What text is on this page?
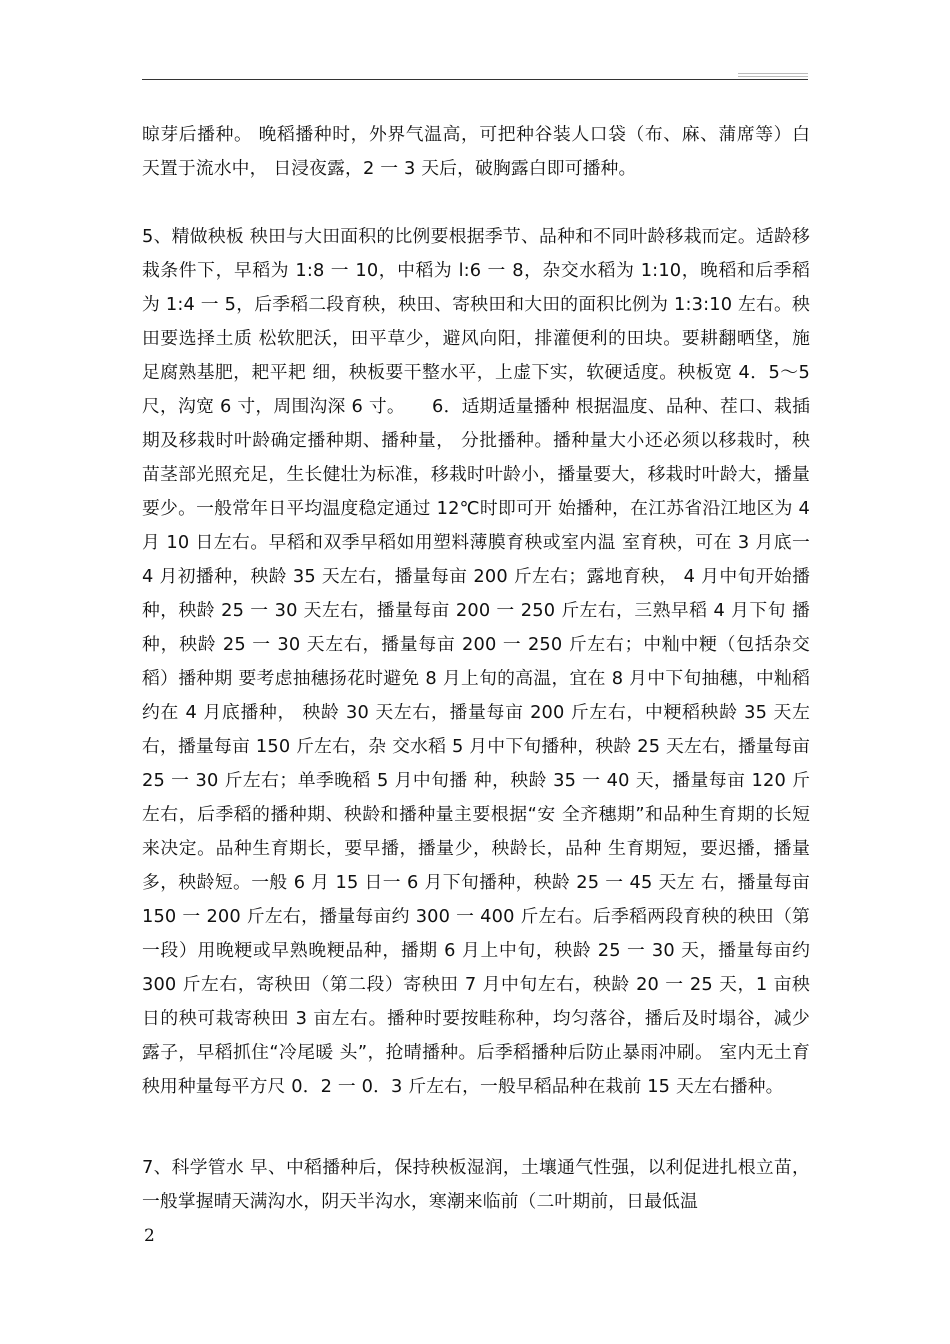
晾芽后播种。 晚稻播种时，外界气温高，可把种谷装人口袋（布、麻、蒲席等）白天置于流水中， 日浸夜露，2 一 3 天后，破胸露白即可播种。

5、精做秧板 秧田与大田面积的比例要根据季节、品种和不同叶龄移栽而定。适龄移 栽条件下，早稻为 1:8 一 10，中稻为 l:6 一 8，杂交水稻为 1:10，晚稻和后季稻为 1:4 一 5，后季稻二段育秧，秧田、寄秧田和大田的面积比例为 1:3:10 左右。秧田要选择土质 松软肥沃，田平草少，避风向阳，排灌便利的田块。要耕翻晒垡，施足腐熟基肥，耙平耙 细，秧板要干整水平，上虚下实，软硬适度。秧板宽 4．5～5 尺，沟宽 6 寸，周围沟深 6 寸。　　6．适期适量播种 根据温度、品种、茬口、栽插期及移栽时叶龄确定播种期、播种量， 分批播种。播种量大小还必须以移栽时，秧苗茎部光照充足，生长健壮为标准，移栽时叶龄小，播量要大，移栽时叶龄大，播量要少。一般常年日平均温度稳定通过 12℃时即可开 始播种，在江苏省沿江地区为 4 月 10 日左右。早稻和双季早稻如用塑料薄膜育秧或室内温 室育秧，可在 3 月底一 4 月初播种，秧龄 35 天左右，播量每亩 200 斤左右；露地育秧， 4 月中旬开始播种，秧龄 25 一 30 天左右，播量每亩 200 一 250 斤左右，三熟早稻 4 月下旬 播种，秧龄 25 一 30 天左右，播量每亩 200 一 250 斤左右；中籼中粳（包括杂交稻）播种期 要考虑抽穗扬花时避免 8 月上旬的高温，宜在 8 月中下旬抽穗，中籼稻约在 4 月底播种， 秧龄 30 天左右，播量每亩 200 斤左右，中粳稻秧龄 35 天左右，播量每亩 150 斤左右，杂 交水稻 5 月中下旬播种，秧龄 25 天左右，播量每亩 25 一 30 斤左右；单季晚稻 5 月中旬播 种，秧龄 35 一 40 天，播量每亩 120 斤左右，后季稻的播种期、秧龄和播种量主要根据“安 全齐穗期”和品种生育期的长短来决定。品种生育期长，要早播，播量少，秧龄长，品种 生育期短，要迟播，播量多，秧龄短。一般 6 月 15 日一 6 月下旬播种，秧龄 25 一 45 天左 右，播量每亩 150 一 200 斤左右，播量每亩约 300 一 400 斤左右。后季稻两段育秧的秧田（第 一段）用晚粳或早熟晚粳品种，播期 6 月上中旬，秧龄 25 一 30 天，播量每亩约 300 斤左右，寄秧田（第二段）寄秧田 7 月中旬左右，秧龄 20 一 25 天，1 亩秧日的秧可栽寄秧田 3 亩左右。播种时要按畦称种，均匀落谷，播后及时塌谷，减少露子，早稻抓住“冷尾暖 头”，抢晴播种。后季稻播种后防止暴雨冲刷。 室内无土育秧用种量每平方尺 0．2 一 0．3 斤左右，一般早稻品种在栽前 15 天左右播种。

7、科学管水 早、中稻播种后，保持秧板湿润，土壤通气性强，以利促进扎根立苗， 一般掌握晴天满沟水，阴天半沟水，寒潮来临前（二叶期前，日最低温

2
